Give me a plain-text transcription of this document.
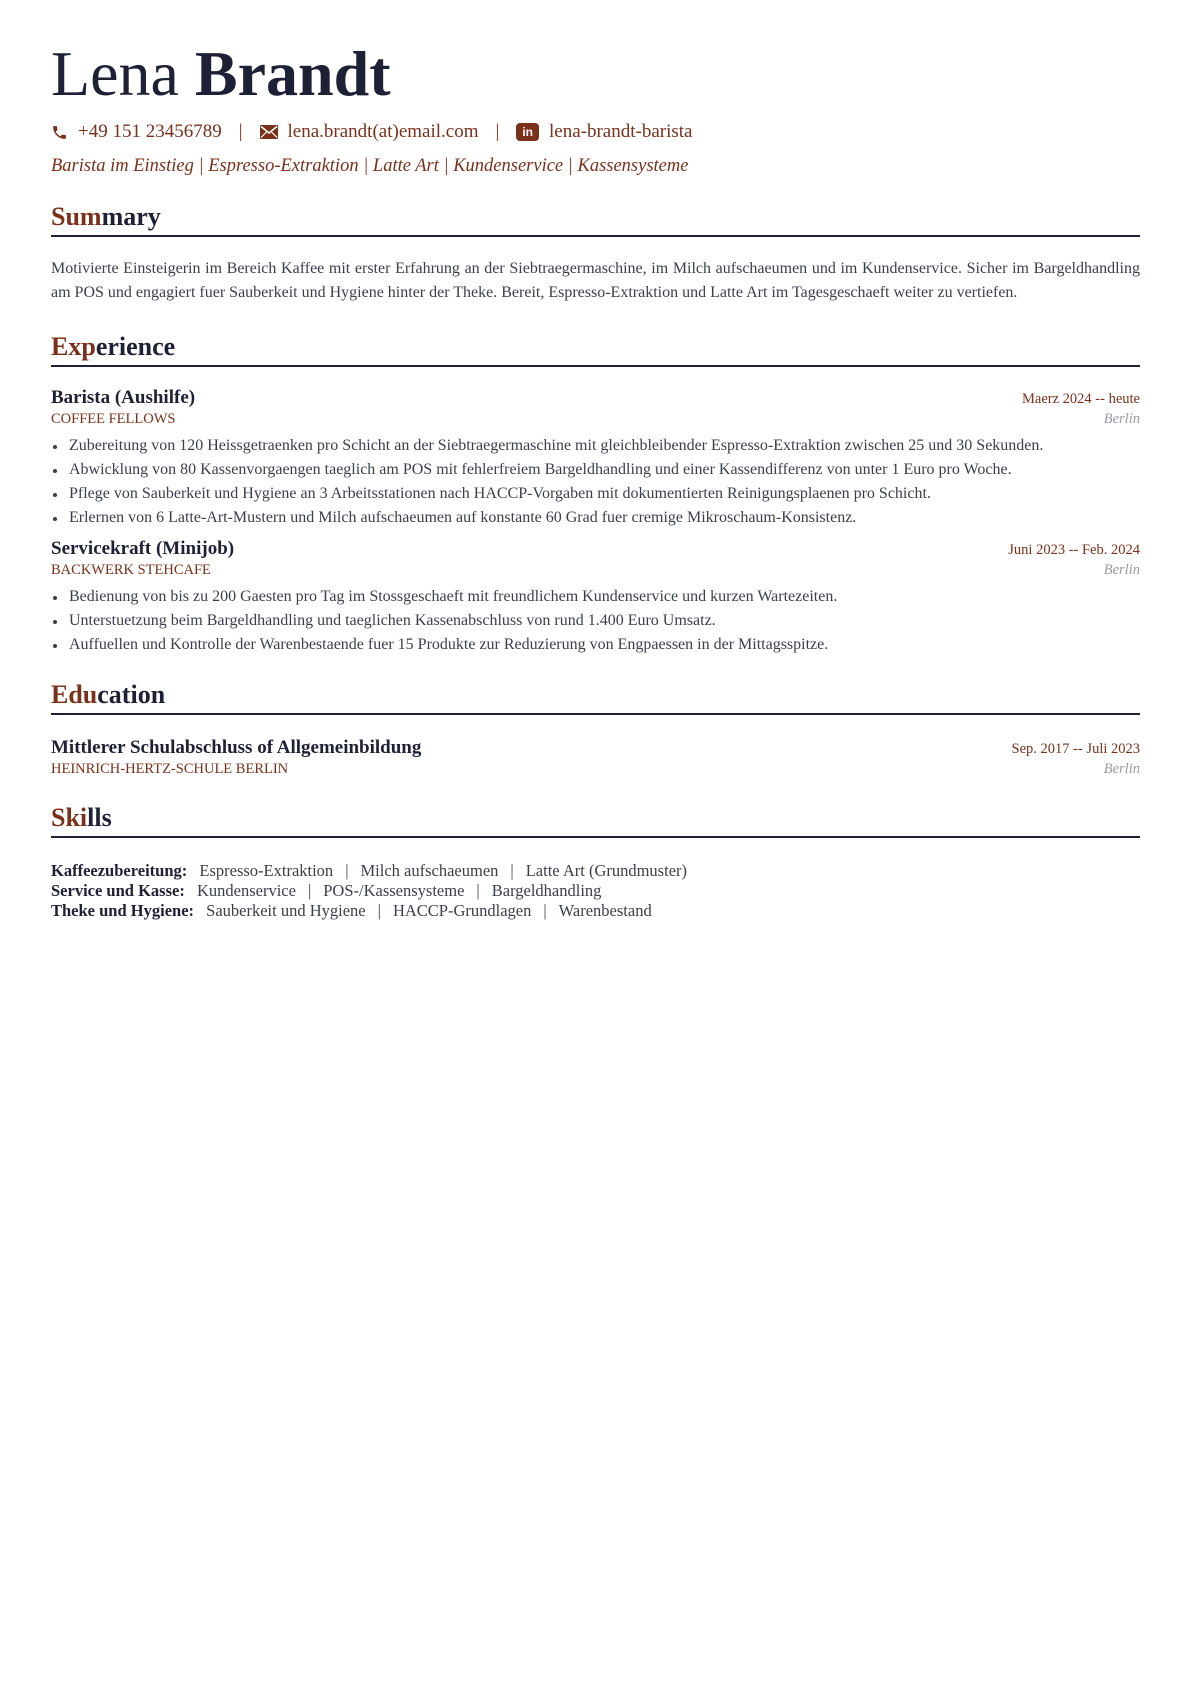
Lena Brandt
+49 151 23456789 | lena.brandt(at)email.com |	in lena-brandt-barista
Barista im Einstieg | Espresso-Extraktion | Latte Art | Kundenservice | Kassensysteme
Summary

Motivierte Einsteigerin im Bereich Kaffee mit erster Erfahrung an der Siebtraegermaschine, im Milch aufschaeumen und im Kundenservice. Sicher im Bargeldhandling am POS und engagiert fuer Sauberkeit und Hygiene hinter der Theke. Bereit, Espresso-Extraktion und Latte Art im Tagesgeschaeft weiter zu vertiefen.

Experience
Barista (Aushilfe)	Maerz 2024 -- heute
COFFEE FELLOWS	Berlin
Zubereitung von 120 Heissgetraenken pro Schicht an der Siebtraegermaschine mit gleichbleibender Espresso-Extraktion zwischen 25 und 30 Sekunden.
Abwicklung von 80 Kassenvorgaengen taeglich am POS mit fehlerfreiem Bargeldhandling und einer Kassendifferenz von unter 1 Euro pro Woche.
Pflege von Sauberkeit und Hygiene an 3 Arbeitsstationen nach HACCP-Vorgaben mit dokumentierten Reinigungsplaenen pro Schicht.
Erlernen von 6 Latte-Art-Mustern und Milch aufschaeumen auf konstante 60 Grad fuer cremige Mikroschaum-Konsistenz.
Servicekraft (Minijob)	Juni 2023 -- Feb. 2024
BACKWERK STEHCAFE	Berlin
Bedienung von bis zu 200 Gaesten pro Tag im Stossgeschaeft mit freundlichem Kundenservice und kurzen Wartezeiten.
Unterstuetzung beim Bargeldhandling und taeglichen Kassenabschluss von rund 1.400 Euro Umsatz.
Auffuellen und Kontrolle der Warenbestaende fuer 15 Produkte zur Reduzierung von Engpaessen in der Mittagsspitze.
Education
Mittlerer Schulabschluss of Allgemeinbildung	Sep. 2017 -- Juli 2023
HEINRICH-HERTZ-SCHULE BERLIN	Berlin
Skills
Kaffeezubereitung: Espresso-Extraktion | Milch aufschaeumen | Latte Art (Grundmuster)
Service und Kasse: Kundenservice | POS-/Kassensysteme | Bargeldhandling
Theke und Hygiene: Sauberkeit und Hygiene | HACCP-Grundlagen | Warenbestand
